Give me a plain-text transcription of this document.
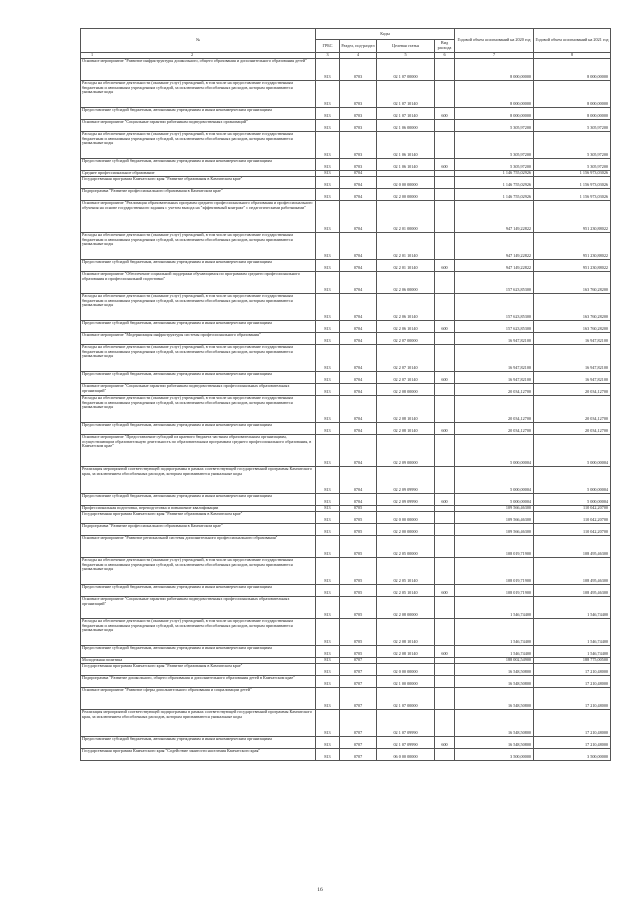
№	Коды				Годовой объем ассигнований на 2020 год	Годовой объем ассигнований на 2021 год
	ГРБС	Раздел, под-раздел	Целевая статья	Вид расхода		
1 2	3	4	5	6	7	8
Основное мероприятие "Развитие инфраструктуры дошкольного, общего образования и дополнительного образования детей"	813	0703	02 1 07 00000		8 000,00000	8 000,00000
Расходы на обеспечение деятельности (оказание услуг) учреждений, в том числе на предоставление государственным бюджетным и автономным учреждениям субсидий, за исключением обособленных расходов, которым присваиваются уникальные коды	813	0703	02 1 07 10140		8 000,00000	8 000,00000
Предоставление субсидий бюджетным, автономным учреждениям и иным некоммерческим организациям	813	0703	02 1 07 10140	600	8 000,00000	8 000,00000
Основное мероприятие "Социальные гарантии работникам подведомственных организаций"	813	0703	02 1 06 00000		5 305,97200	5 305,97200
Расходы на обеспечение деятельности (оказание услуг) учреждений, в том числе на предоставление государственным бюджетным и автономным учреждениям субсидий, за исключением обособленных расходов, которым присваиваются уникальные коды	813	0703	02 1 06 10140		5 305,97200	5 305,97200
Предоставление субсидий бюджетным, автономным учреждениям и иным некоммерческим организациям	813	0703	02 1 06 10140	600	5 305,97200	5 305,97200
Среднее профессиональное образование	813	0704			1 146 755,02926	1 156 973,03026
Государственная программа Камчатского края "Развитие образования в Камчатском крае"	813	0704	02 0 00 00000		1 146 755,02926	1 156 973,03026
Подпрограмма "Развитие профессионального образования в Камчатском крае"	813	0704	02 2 00 00000		1 146 755,02926	1 156 973,03026
Основное мероприятие "Реализация образовательных программ среднего профессионального образования и профессионального обучения на основе государственного задания с учетом выхода на "эффективный контракт" с педагогическими работниками"	813	0704	02 2 01 00000		947 149,22822	951 230,88022
Расходы на обеспечение деятельности (оказание услуг) учреждений, в том числе на предоставление государственным бюджетным и автономным учреждениям субсидий, за исключением обособленных расходов, которым присваиваются уникальные коды	813	0704	02 2 01 10140		947 149,22822	951 230,88022
Предоставление субсидий бюджетным, автономным учреждениям и иным некоммерческим организациям	813	0704	02 2 01 10140	600	947 149,22822	951 230,88022
Основное мероприятие "Обеспечение социальной поддержки обучающимся по программам среднего профессионального образования и профессиональной подготовки"	813	0704	02 2 06 00000		157 623,85300	163 760,28200
Расходы на обеспечение деятельности (оказание услуг) учреждений, в том числе на предоставление государственным бюджетным и автономным учреждениям субсидий, за исключением обособленных расходов, которым присваиваются уникальные коды	813	0704	02 2 06 10140		157 623,85300	163 760,28200
Предоставление субсидий бюджетным, автономным учреждениям и иным некоммерческим организациям	813	0704	02 2 06 10140	600	157 623,85300	163 760,28200
Основное мероприятие "Модернизация инфраструктуры системы профессионального образования"	813	0704	02 2 07 00000		16 947,82100	16 947,82100
Расходы на обеспечение деятельности (оказание услуг) учреждений, в том числе на предоставление государственным бюджетным и автономным учреждениям субсидий, за исключением обособленных расходов, которым присваиваются уникальные коды	813	0704	02 2 07 10140		16 947,82100	16 947,82100
Предоставление субсидий бюджетным, автономным учреждениям и иным некоммерческим организациям	813	0704	02 2 07 10140	600	16 947,82100	16 947,82100
Основное мероприятие "Социальные гарантии работникам подведомственных профессиональных образовательных организаций"	813	0704	02 2 08 00000		20 034,12700	20 034,12700
Расходы на обеспечение деятельности (оказание услуг) учреждений, в том числе на предоставление государственным бюджетным и автономным учреждениям субсидий, за исключением обособленных расходов, которым присваиваются уникальные коды	813	0704	02 2 08 10140		20 034,12700	20 034,12700
Предоставление субсидий бюджетным, автономным учреждениям и иным некоммерческим организациям	813	0704	02 2 08 10140	600	20 034,12700	20 034,12700
Основное мероприятие "Предоставление субсидий из краевого бюджета частным образовательным организациям, осуществляющим образовательную деятельность по образовательным программам среднего профессионального образования, в Камчатском крае"	813	0704	02 2 09 00000		5 000,00004	5 000,00004
Реализация мероприятий соответствующей подпрограммы в рамках соответствующей государственной программы Камчатского края, за исключением обособленных расходов, которым присваиваются уникальные коды	813	0704	02 2 09 09990		5 000,00004	5 000,00004
Предоставление субсидий бюджетным, автономным учреждениям и иным некоммерческим организациям	813	0704	02 2 09 09990	600	5 000,00004	5 000,00004
Профессиональная подготовка, переподготовка и повышение квалификации	813	0705			109 566,46300	110 042,20700
Государственная программа Камчатского края "Развитие образования в Камчатском крае"	813	0705	02 0 00 00000		109 566,46300	110 042,20700
Подпрограмма "Развитие профессионального образования в Камчатском крае"	813	0705	02 2 00 00000		109 566,46300	110 042,20700
Основное мероприятие "Развитие региональной системы дополнительного профессионального образования"	813	0705	02 2 05 00000		108 019,71900	108 495,46300
Расходы на обеспечение деятельности (оказание услуг) учреждений, в том числе на предоставление государственным бюджетным и автономным учреждениям субсидий, за исключением обособленных расходов, которым присваиваются уникальные коды	813	0705	02 2 05 10140		108 019,71900	108 495,46300
Предоставление субсидий бюджетным, автономным учреждениям и иным некоммерческим организациям	813	0705	02 2 05 10140	600	108 019,71900	108 495,46300
Основное мероприятие "Социальные гарантии работникам подведомственных профессиональных образовательных организаций"	813	0705	02 2 08 00000		1 546,74400	1 546,74400
Расходы на обеспечение деятельности (оказание услуг) учреждений, в том числе на предоставление государственным бюджетным и автономным учреждениям субсидий, за исключением обособленных расходов, которым присваиваются уникальные коды	813	0705	02 2 08 10140		1 546,74400	1 546,74400
Предоставление субсидий бюджетным, автономным учреждениям и иным некоммерческим организациям	813	0705	02 2 08 10140	600	1 546,74400	1 546,74400
Молодежная политика	813	0707			188 002,54900	188 775,00500
Государственная программа Камчатского края "Развитие образования в Камчатском крае"	813	0707	02 0 00 00000		16 548,50800	17 210,48000
Подпрограмма "Развитие дошкольного, общего образования и дополнительного образования детей в Камчатском крае"	813	0707	02 1 00 00000		16 548,50800	17 210,48000
Основное мероприятие "Развитие сферы дополнительного образования и социализации детей"	813	0707	02 1 07 00000		16 548,50800	17 210,48000
Реализация мероприятий соответствующей подпрограммы в рамках соответствующей государственной программы Камчатского края, за исключением обособленных расходов, которым присваиваются уникальные коды	813	0707	02 1 07 09990		16 548,50800	17 210,48000
Предоставление субсидий бюджетным, автономным учреждениям и иным некоммерческим организациям	813	0707	02 1 07 09990	600	16 548,50800	17 210,48000
Государственная программа Камчатского края "Содействие занятости населения Камчатского края"	813	0707	06 0 00 00000		3 500,00000	3 500,00000
16
